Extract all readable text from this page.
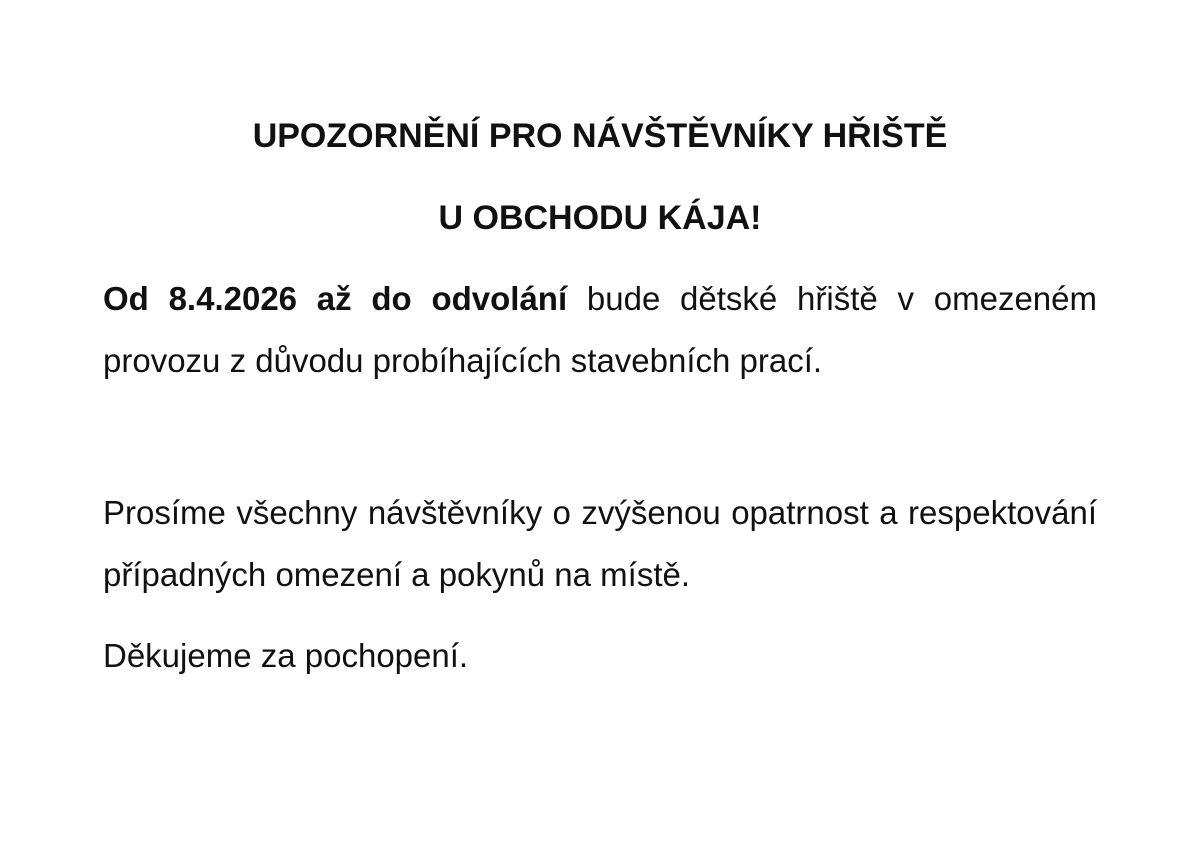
UPOZORNĚNÍ PRO NÁVŠTĚVNÍKY HŘIŠTĚ
U OBCHODU KÁJA!

Od 8.4.2026 až do odvolání bude dětské hřiště v omezeném provozu z důvodu probíhajících stavebních prací.

Prosíme všechny návštěvníky o zvýšenou opatrnost a respektování případných omezení a pokynů na místě.

Děkujeme za pochopení.
